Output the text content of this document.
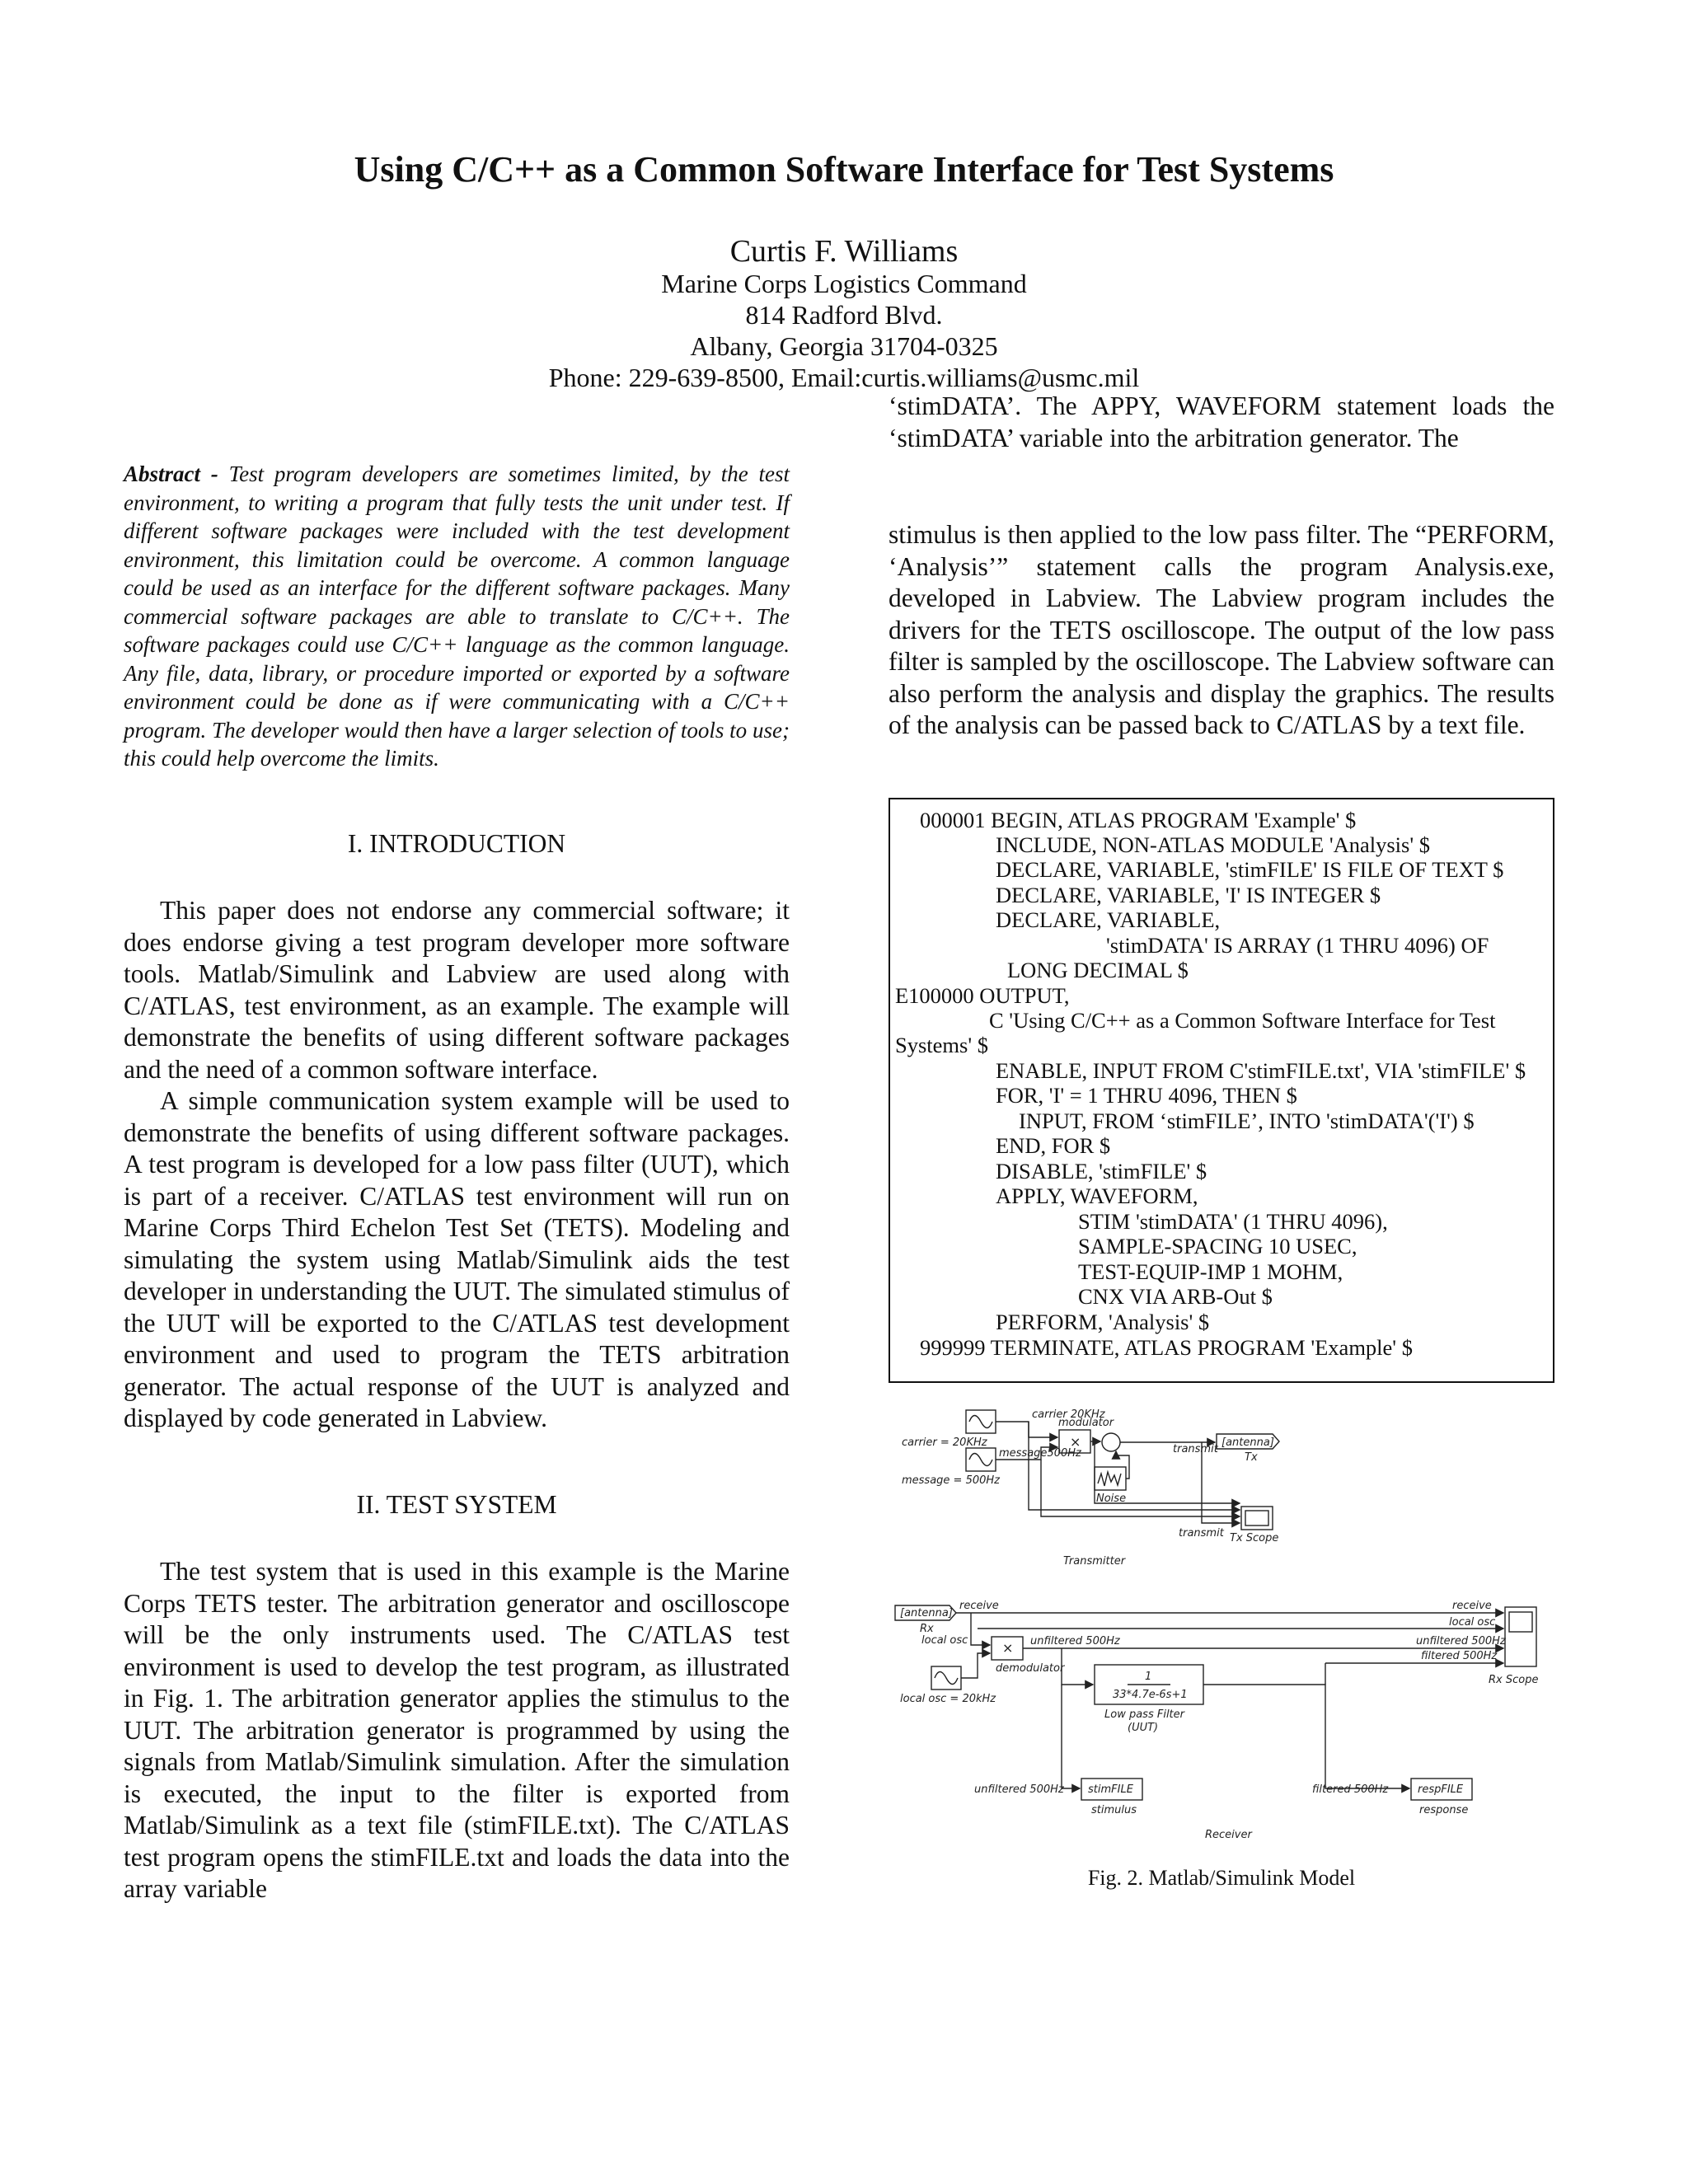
Using C/C++ as a Common Software Interface for Test Systems
Curtis F. Williams
Marine Corps Logistics Command
814 Radford Blvd.
Albany, Georgia 31704-0325
Phone: 229-639-8500, Email:curtis.williams@usmc.mil

Abstract - Test program developers are sometimes limited, by the test environment, to writing a program that fully tests the unit under test. If different software packages were included with the test development environment, this limitation could be overcome. A common language could be used as an interface for the different software packages. Many commercial software packages are able to translate to C/C++. The software packages could use C/C++ language as the common language. Any file, data, library, or procedure imported or exported by a software environment could be done as if were communicating with a C/C++ program. The developer would then have a larger selection of tools to use; this could help overcome the limits.

I. INTRODUCTION

This paper does not endorse any commercial software; it does endorse giving a test program developer more software tools. Matlab/Simulink and Labview are used along with C/ATLAS, test environment, as an example. The example will demonstrate the benefits of using different software packages and the need of a common software interface.

A simple communication system example will be used to demonstrate the benefits of using different software packages. A test program is developed for a low pass filter (UUT), which is part of a receiver. C/ATLAS test environment will run on Marine Corps Third Echelon Test Set (TETS). Modeling and simulating the system using Matlab/Simulink aids the test developer in understanding the UUT. The simulated stimulus of the UUT will be exported to the C/ATLAS test development environment and used to program the TETS arbitration generator. The actual response of the UUT is analyzed and displayed by code generated in Labview.

II. TEST SYSTEM

The test system that is used in this example is the Marine Corps TETS tester. The arbitration generator and oscilloscope will be the only instruments used. The C/ATLAS test environment is used to develop the test program, as illustrated in Fig. 1. The arbitration generator applies the stimulus to the UUT. The arbitration generator is programmed by using the signals from Matlab/Simulink simulation. After the simulation is executed, the input to the filter is exported from Matlab/Simulink as a text file (stimFILE.txt). The C/ATLAS test program opens the stimFILE.txt and loads the data into the array variable

‘stimDATA’. The APPY, WAVEFORM statement loads the ‘stimDATA’ variable into the arbitration generator. The

stimulus is then applied to the low pass filter. The “PERFORM, ‘Analysis’” statement calls the program Analysis.exe, developed in Labview. The Labview program includes the drivers for the TETS oscilloscope. The output of the low pass filter is sampled by the oscilloscope. The Labview software can also perform the analysis and display the graphics. The results of the analysis can be passed back to C/ATLAS by a text file.

000001 BEGIN, ATLAS PROGRAM 'Example' $
INCLUDE, NON-ATLAS MODULE 'Analysis' $
DECLARE, VARIABLE, 'stimFILE' IS FILE OF TEXT $
DECLARE, VARIABLE, 'I' IS INTEGER $
DECLARE, VARIABLE,
'stimDATA' IS ARRAY (1 THRU 4096) OF
LONG DECIMAL $
E100000 OUTPUT,
C 'Using C/C++ as a Common Software Interface for Test
Systems' $
ENABLE, INPUT FROM C'stimFILE.txt', VIA 'stimFILE' $
FOR, 'I' = 1 THRU 4096, THEN $
INPUT, FROM ‘stimFILE’, INTO 'stimDATA'('I') $
END, FOR $
DISABLE, 'stimFILE' $
APPLY, WAVEFORM,
STIM 'stimDATA' (1 THRU 4096),
SAMPLE-SPACING 10 USEC,
TEST-EQUIP-IMP 1 MOHM,
CNX VIA ARB-Out $
PERFORM, 'Analysis' $
999999 TERMINATE, ATLAS PROGRAM 'Example' $
carrier 20KHz
carrier = 20KHz
message500Hz
message = 500Hz
modulator
×
Noise
transmit
[antenna]
Tx
transmit Tx Scope
Transmitter
[antenna]
Rx
receive
local osc
local osc = 20kHz
demodulator
× unfiltered 500Hz
1
33*4.7e-6s+1
Low pass Filter
(UUT)
receive
local osc
unfiltered 500Hz
filtered 500Hz
Rx Scope
unfiltered 500Hz stimFILE
stimulus
filtered 500Hz	respFILE
response
Receiver
Fig. 2. Matlab/Simulink Model
